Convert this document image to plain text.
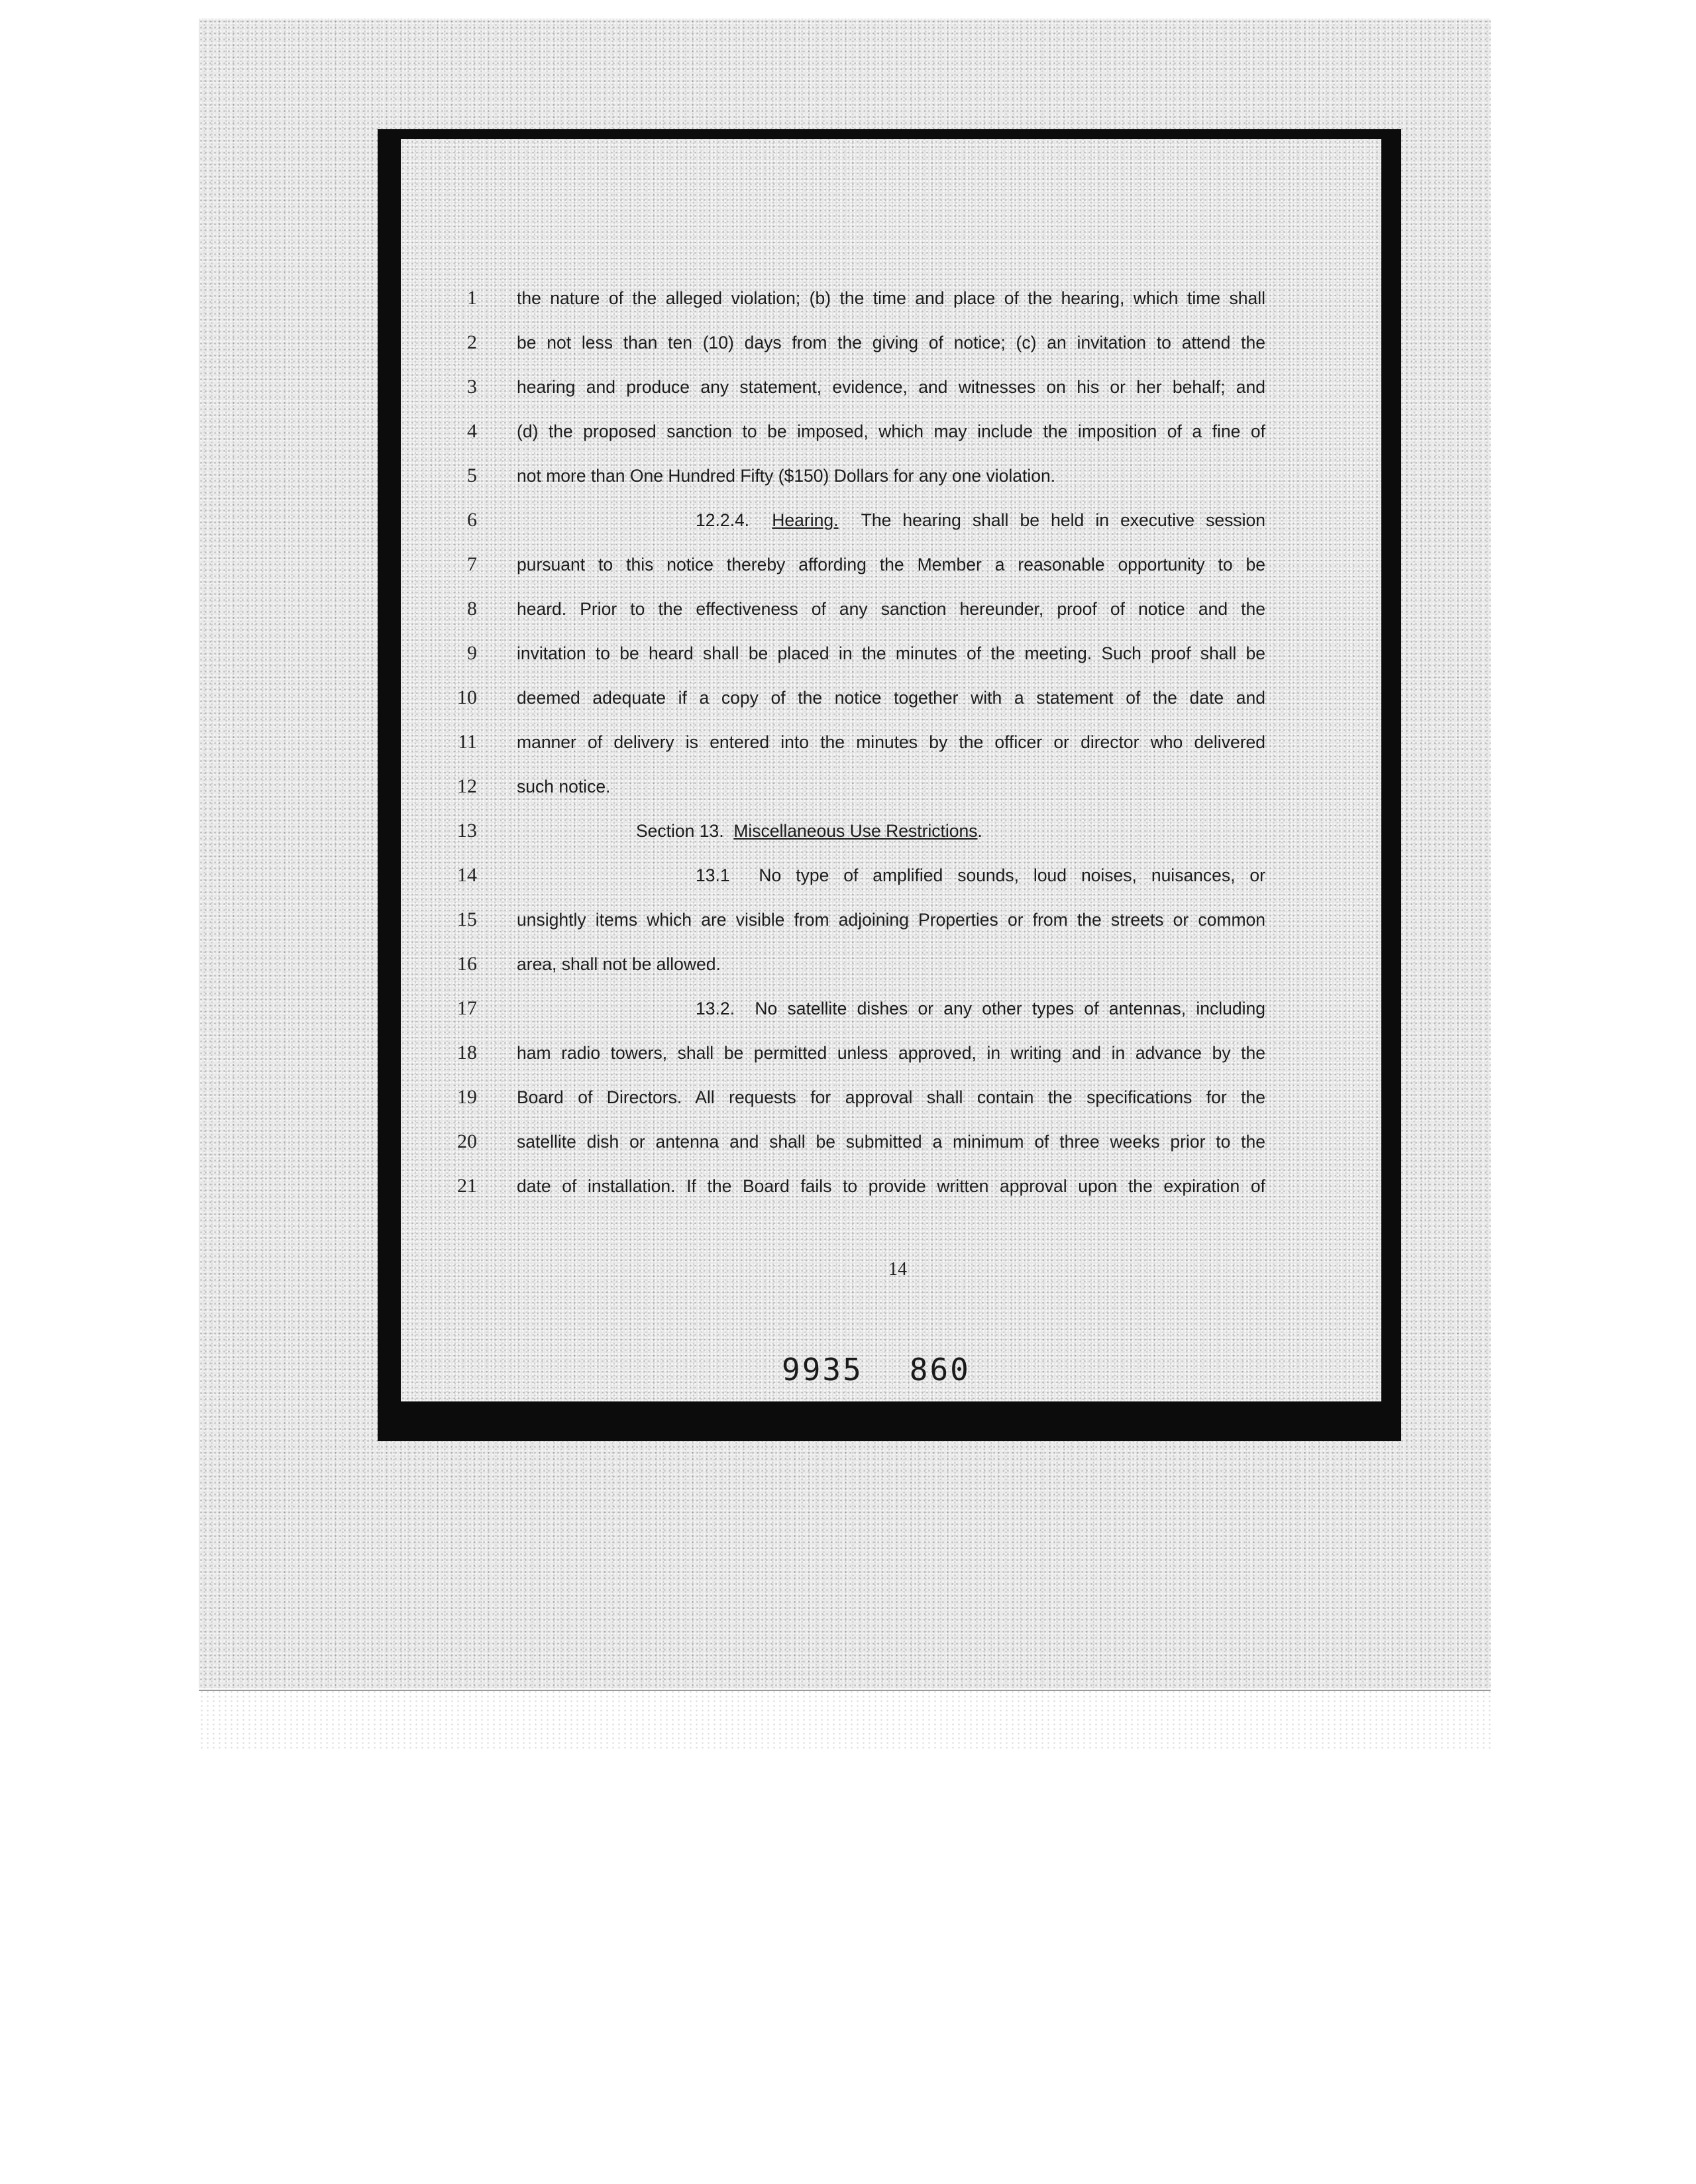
1 the nature of the alleged violation; (b) the time and place of the hearing, which time shall
2 be not less than ten (10) days from the giving of notice; (c) an invitation to attend the
3 hearing and produce any statement, evidence, and witnesses on his or her behalf; and
4 (d) the proposed sanction to be imposed, which may include the imposition of a fine of
5 not more than One Hundred Fifty ($150) Dollars for any one violation.
6	12.2.4. Hearing. The hearing shall be held in executive session
7 pursuant to this notice thereby affording the Member a reasonable opportunity to be
8 heard. Prior to the effectiveness of any sanction hereunder, proof of notice and the
9 invitation to be heard shall be placed in the minutes of the meeting. Such proof shall be
10 deemed adequate if a copy of the notice together with a statement of the date and
11 manner of delivery is entered into the minutes by the officer or director who delivered
12 such notice.
13	Section 13. Miscellaneous Use Restrictions.
14	13.1 No type of amplified sounds, loud noises, nuisances, or
15 unsightly items which are visible from adjoining Properties or from the streets or common
16 area, shall not be allowed.
17	13.2. No satellite dishes or any other types of antennas, including
18 ham radio towers, shall be permitted unless approved, in writing and in advance by the
19 Board of Directors. All requests for approval shall contain the specifications for the
20 satellite dish or antenna and shall be submitted a minimum of three weeks prior to the
21 date of installation. If the Board fails to provide written approval upon the expiration of
14
9935 860
